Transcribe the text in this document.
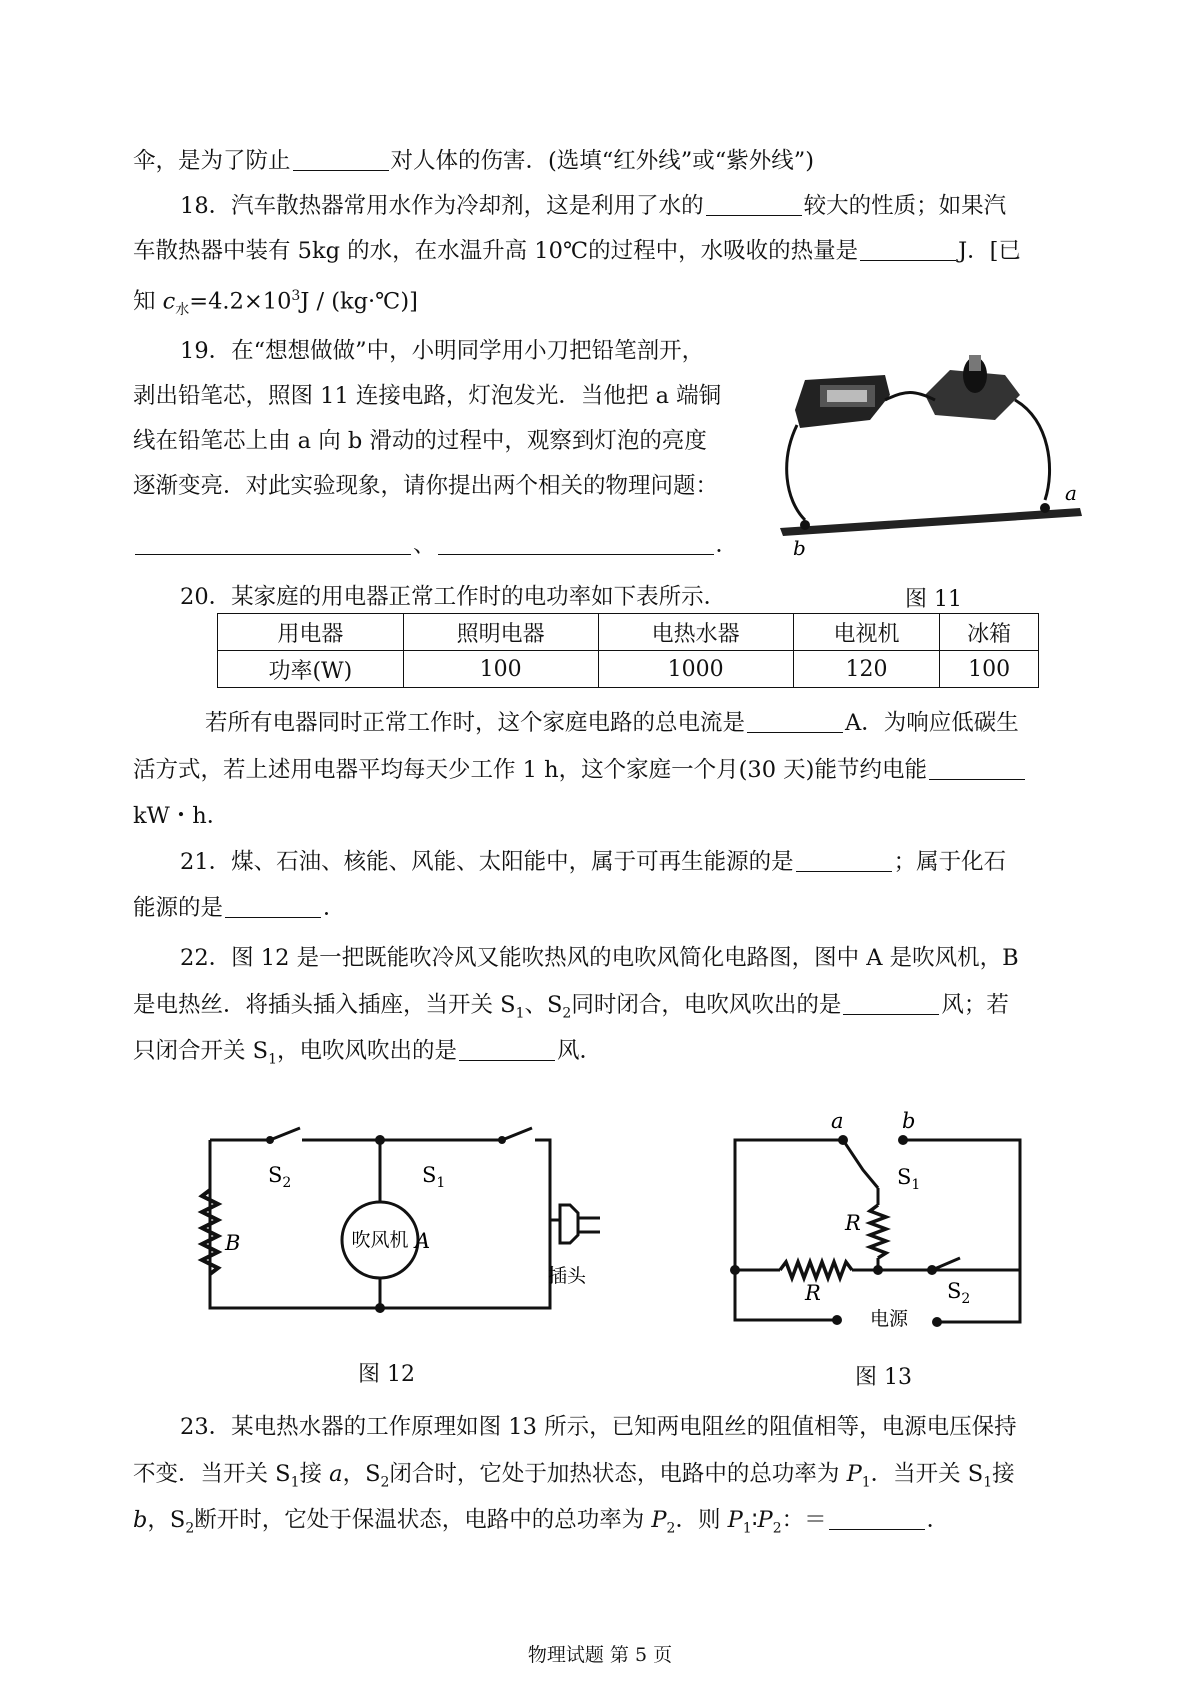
伞，是为了防止	对人体的伤害．(选填“红外线”或“紫外线”)
18．汽车散热器常用水作为冷却剂，这是利用了水的	较大的性质；如果汽
车散热器中装有 5kg 的水，在水温升高 10℃的过程中，水吸收的热量是	J．[已
知 $c_水=4.2\times 10^3J$ / (kg·℃)]
19．在“想想做做”中，小明同学用小刀把铅笔剖开，
剥出铅笔芯，照图 11 连接电路，灯泡发光．当他把 a 端铜
线在铅笔芯上由 a 向 b 滑动的过程中，观察到灯泡的亮度
逐渐变亮．对此实验现象，请你提出两个相关的物理问题：
、	．	b
a
图 11
20．某家庭的用电器正常工作时的电功率如下表所示．
用电器	照明电器	电热水器	电视机	冰箱
功率(W)	100	1000	120	100
若所有电器同时正常工作时，这个家庭电路的总电流是	A．为响应低碳生
活方式，若上述用电器平均每天少工作 1 h，这个家庭一个月(30 天)能节约电能
kW・h．
21．煤、石油、核能、风能、太阳能中，属于可再生能源的是	；属于化石
能源的是	．
22．图 12 是一把既能吹冷风又能吹热风的电吹风简化电路图，图中 A 是吹风机，B
是电热丝．将插头插入插座，当开关 $S_1$、$S_2$同时闭合，电吹风吹出的是	风；若
只闭合开关 $S_1$，电吹风吹出的是	风．
吹风机 A
B
$S_2$	$S_1$
插头
图 12
a	b
$S_1$
R
R	$S_2$
电源
图 13
23．某电热水器的工作原理如图 13 所示，已知两电阻丝的阻值相等，电源电压保持
不变．当开关 $S_1$接 a，$S_2$闭合时，它处于加热状态，电路中的总功率为 $P_1$．当开关 $S_1$接
b，$S_2$断开时，它处于保温状态，电路中的总功率为 $P_2$．则 $P_1∶P_2$：＝	．
物理试题 第 5 页
